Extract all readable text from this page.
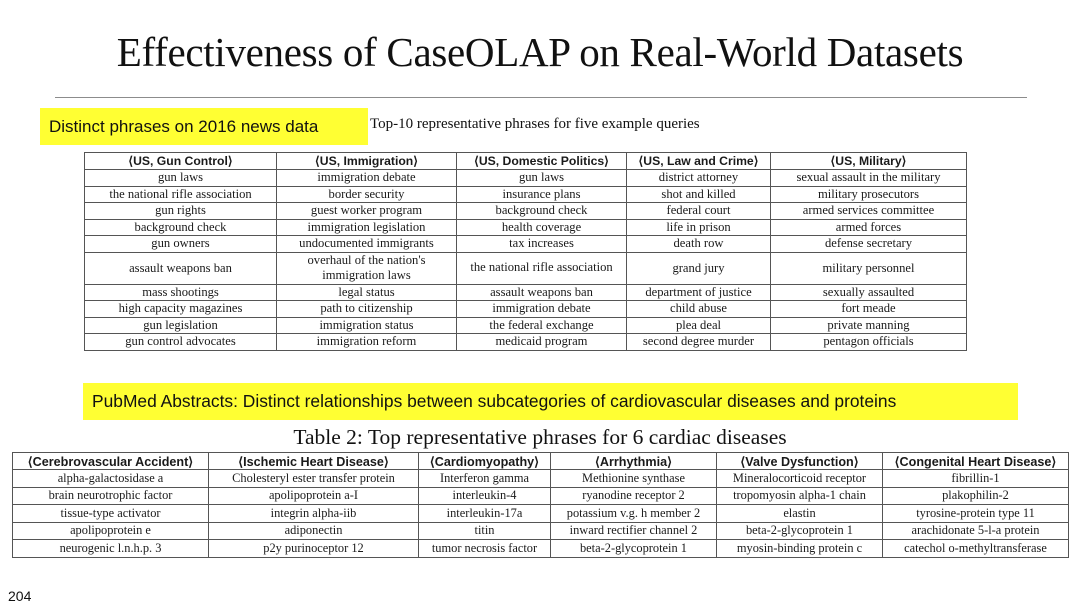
Effectiveness of CaseOLAP on Real-World Datasets
Distinct phrases on 2016 news data	Top-10 representative phrases for five example queries
⟨US, Gun Control⟩	⟨US, Immigration⟩	⟨US, Domestic Politics⟩	⟨US, Law and Crime⟩	⟨US, Military⟩
gun laws	immigration debate	gun laws	district attorney	sexual assault in the military
the national rifle association	border security	insurance plans	shot and killed	military prosecutors
gun rights	guest worker program	background check	federal court	armed services committee
background check	immigration legislation	health coverage	life in prison	armed forces
gun owners	undocumented immigrants	tax increases	death row	defense secretary
assault weapons ban	overhaul of the nation's immigration laws	the national rifle association	grand jury	military personnel
mass shootings	legal status	assault weapons ban	department of justice	sexually assaulted
high capacity magazines	path to citizenship	immigration debate	child abuse	fort meade
gun legislation	immigration status	the federal exchange	plea deal	private manning
gun control advocates	immigration reform	medicaid program	second degree murder	pentagon officials
PubMed Abstracts: Distinct relationships between subcategories of cardiovascular diseases and proteins
Table 2: Top representative phrases for 6 cardiac diseases
⟨Cerebrovascular Accident⟩	⟨Ischemic Heart Disease⟩	⟨Cardiomyopathy⟩	⟨Arrhythmia⟩	⟨Valve Dysfunction⟩	⟨Congenital Heart Disease⟩
alpha-galactosidase a	Cholesteryl ester transfer protein	Interferon gamma	Methionine synthase	Mineralocorticoid receptor	fibrillin-1
brain neurotrophic factor	apolipoprotein a-I	interleukin-4	ryanodine receptor 2	tropomyosin alpha-1 chain	plakophilin-2
tissue-type activator	integrin alpha-iib	interleukin-17a	potassium v.g. h member 2	elastin	tyrosine-protein type 11
apolipoprotein e	adiponectin	titin	inward rectifier channel 2	beta-2-glycoprotein 1	arachidonate 5-l-a protein
neurogenic l.n.h.p. 3	p2y purinoceptor 12	tumor necrosis factor	beta-2-glycoprotein 1	myosin-binding protein c	catechol o-methyltransferase
204
